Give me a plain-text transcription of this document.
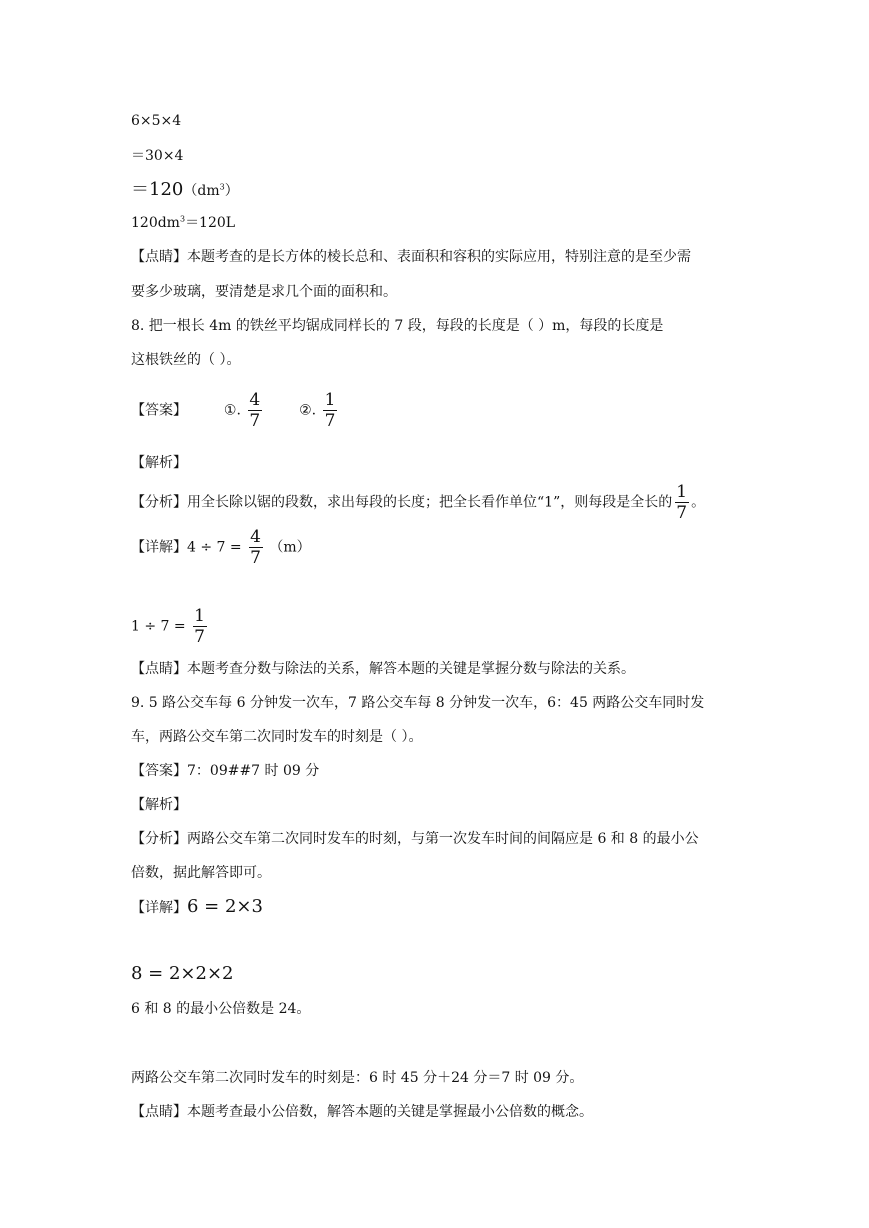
6×5×4
＝30×4
$=120(dm^3)$
$120dm^3=120L$
【点睛】本题考查的是长方体的棱长总和、表面积和容积的实际应用，特别注意的是至少需
要多少玻璃，要清楚是求几个面的面积和。
8. 把一根长 4m 的铁丝平均锯成同样长的 7 段，每段的长度是（ ）m，每段的长度是
这根铁丝的（ ）。
【答案】	①. $\frac{4}{7}$	②. $\frac{1}{7}$
【解析】
【分析】用全长除以锯的段数，求出每段的长度；把全长看作单位“1”，则每段是全长的 $\frac{1}{7}$ 。
【详解】$4 \div 7 = \frac{4}{7} (m)$
$1 \div 7 = \frac{1}{7}$
【点睛】本题考查分数与除法的关系，解答本题的关键是掌握分数与除法的关系。
9. 5 路公交车每 6 分钟发一次车，7 路公交车每 8 分钟发一次车，6：45 两路公交车同时发
车，两路公交车第二次同时发车的时刻是（ ）。
【答案】7：09##7 时 09 分
【解析】
【分析】两路公交车第二次同时发车的时刻，与第一次发车时间的间隔应是 6 和 8 的最小公
倍数，据此解答即可。
【详解】6 = 2×3
8 = 2×2×2
6 和 8 的最小公倍数是 24。
两路公交车第二次同时发车的时刻是：6 时 45 分＋24 分＝7 时 09 分。
【点睛】本题考查最小公倍数，解答本题的关键是掌握最小公倍数的概念。
